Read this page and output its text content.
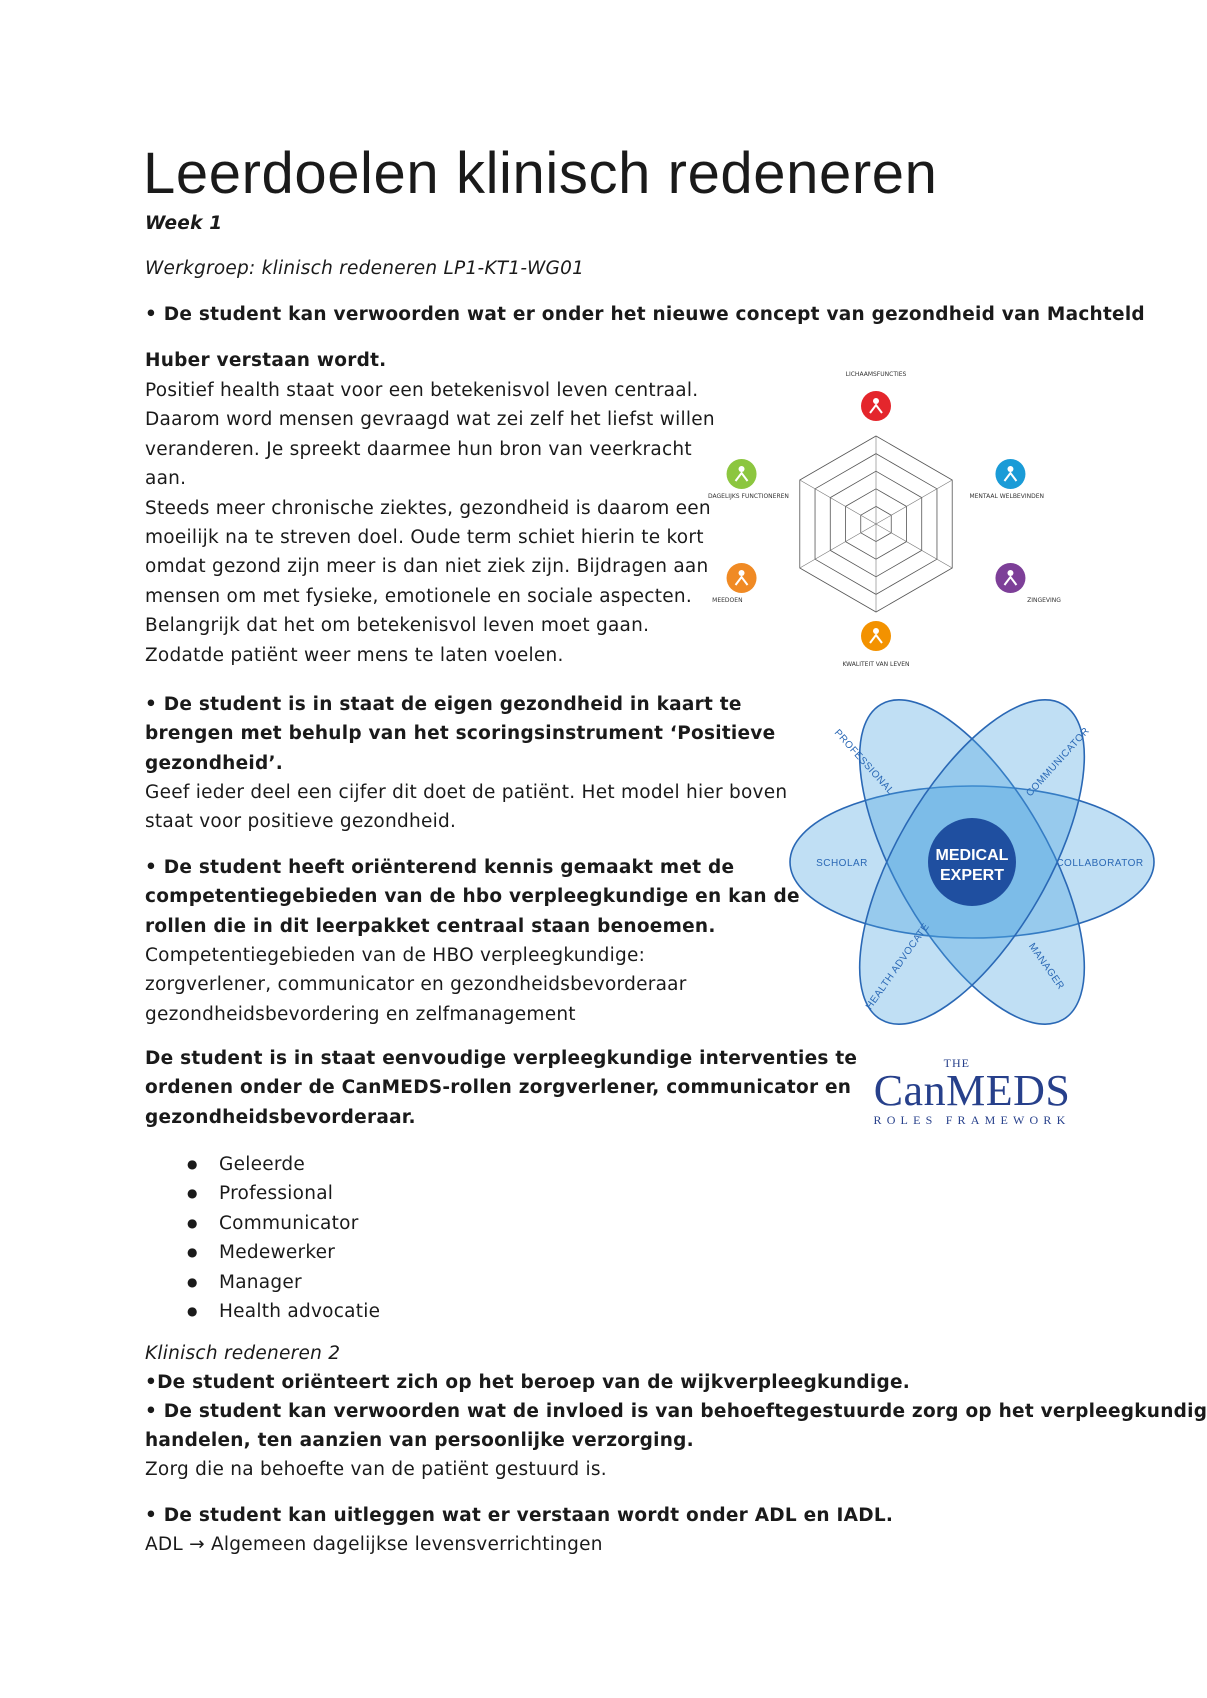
Leerdoelen klinisch redeneren
Week 1
Werkgroep: klinisch redeneren LP1-KT1-WG01
• De student kan verwoorden wat er onder het nieuwe concept van gezondheid van Machteld
Huber verstaan wordt.
Positief health staat voor een betekenisvol leven centraal.
Daarom word mensen gevraagd wat zei zelf het liefst willen
veranderen. Je spreekt daarmee hun bron van veerkracht
aan.
Steeds meer chronische ziektes, gezondheid is daarom een
moeilijk na te streven doel. Oude term schiet hierin te kort
omdat gezond zijn meer is dan niet ziek zijn. Bijdragen aan
mensen om met fysieke, emotionele en sociale aspecten.
Belangrijk dat het om betekenisvol leven moet gaan.
Zodatde patiënt weer mens te laten voelen.
• De student is in staat de eigen gezondheid in kaart te
brengen met behulp van het scoringsinstrument ‘Positieve
gezondheid’.
Geef ieder deel een cijfer dit doet de patiënt. Het model hier boven
staat voor positieve gezondheid.
• De student heeft oriënterend kennis gemaakt met de
competentiegebieden van de hbo verpleegkundige en kan de
rollen die in dit leerpakket centraal staan benoemen.
Competentiegebieden van de HBO verpleegkundige:
zorgverlener, communicator en gezondheidsbevorderaar
gezondheidsbevordering en zelfmanagement
De student is in staat eenvoudige verpleegkundige interventies te
ordenen onder de CanMEDS-rollen zorgverlener, communicator en
gezondheidsbevorderaar.
● Geleerde
● Professional
● Communicator
● Medewerker
● Manager
● Health advocatie
Klinisch redeneren 2
•De student oriënteert zich op het beroep van de wijkverpleegkundige.
• De student kan verwoorden wat de invloed is van behoeftegestuurde zorg op het verpleegkundig
handelen, ten aanzien van persoonlijke verzorging.
Zorg die na behoefte van de patiënt gestuurd is.
• De student kan uitleggen wat er verstaan wordt onder ADL en IADL.
ADL → Algemeen dagelijkse levensverrichtingen
LICHAAMSFUNCTIES
MENTAAL WELBEVINDEN
ZINGEVING
KWALITEIT VAN LEVEN
MEEDOEN
DAGELIJKS FUNCTIONEREN
MEDICAL
EXPERT
PROFESSIONAL	COMMUNICATOR
SCHOLAR	COLLABORATOR
HEALTH ADVOCATE	MANAGER
THE
CanMEDS
ROLES FRAMEWORK
